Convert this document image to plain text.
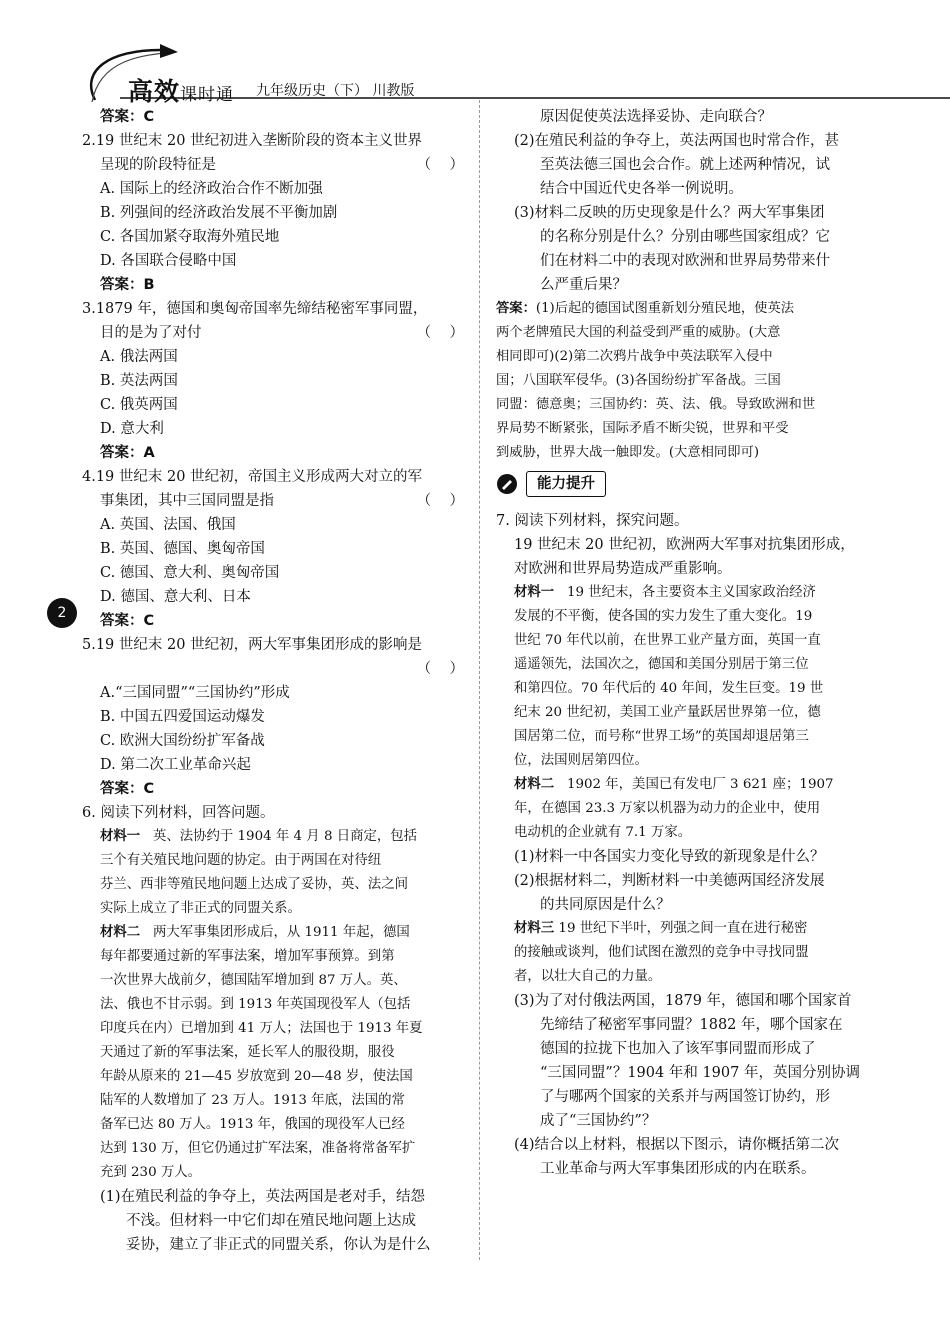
高效课时通 九年级历史（下） 川教版
2
答案：C
2.19 世纪末 20 世纪初进入垄断阶段的资本主义世界
呈现的阶段特征是	（    ）
A. 国际上的经济政治合作不断加强
B. 列强间的经济政治发展不平衡加剧
C. 各国加紧夺取海外殖民地
D. 各国联合侵略中国
答案：B
3.1879 年，德国和奥匈帝国率先缔结秘密军事同盟，
目的是为了对付	（    ）
A. 俄法两国
B. 英法两国
C. 俄英两国
D. 意大利
答案：A
4.19 世纪末 20 世纪初，帝国主义形成两大对立的军
事集团，其中三国同盟是指	（    ）
A. 英国、法国、俄国
B. 英国、德国、奥匈帝国
C. 德国、意大利、奥匈帝国
D. 德国、意大利、日本
答案：C
5.19 世纪末 20 世纪初，两大军事集团形成的影响是
（    ）
A.“三国同盟”“三国协约”形成
B. 中国五四爱国运动爆发
C. 欧洲大国纷纷扩军备战
D. 第二次工业革命兴起
答案：C
6. 阅读下列材料，回答问题。
材料一   英、法协约于 1904 年 4 月 8 日商定，包括
三个有关殖民地问题的协定。由于两国在对待纽
芬兰、西非等殖民地问题上达成了妥协，英、法之间
实际上成立了非正式的同盟关系。
材料二   两大军事集团形成后，从 1911 年起，德国
每年都要通过新的军事法案，增加军事预算。到第
一次世界大战前夕，德国陆军增加到 87 万人。英、
法、俄也不甘示弱。到 1913 年英国现役军人（包括
印度兵在内）已增加到 41 万人；法国也于 1913 年夏
天通过了新的军事法案，延长军人的服役期，服役
年龄从原来的 21—45 岁放宽到 20—48 岁，使法国
陆军的人数增加了 23 万人。1913 年底，法国的常
备军已达 80 万人。1913 年，俄国的现役军人已经
达到 130 万，但它仍通过扩军法案，准备将常备军扩
充到 230 万人。
(1)在殖民利益的争夺上，英法两国是老对手，结怨
不浅。但材料一中它们却在殖民地问题上达成
妥协，建立了非正式的同盟关系，你认为是什么
原因促使英法选择妥协、走向联合？
(2)在殖民利益的争夺上，英法两国也时常合作，甚
至英法德三国也会合作。就上述两种情况，试
结合中国近代史各举一例说明。
(3)材料二反映的历史现象是什么？两大军事集团
的名称分别是什么？分别由哪些国家组成？它
们在材料二中的表现对欧洲和世界局势带来什
么严重后果？
答案：(1)后起的德国试图重新划分殖民地，使英法
两个老牌殖民大国的利益受到严重的威胁。(大意
相同即可)(2)第二次鸦片战争中英法联军入侵中
国；八国联军侵华。(3)各国纷纷扩军备战。三国
同盟：德意奥；三国协约：英、法、俄。导致欧洲和世
界局势不断紧张，国际矛盾不断尖锐，世界和平受
到威胁，世界大战一触即发。(大意相同即可)
能力提升
7. 阅读下列材料，探究问题。
19 世纪末 20 世纪初，欧洲两大军事对抗集团形成，
对欧洲和世界局势造成严重影响。
材料一   19 世纪末，各主要资本主义国家政治经济
发展的不平衡，使各国的实力发生了重大变化。19
世纪 70 年代以前，在世界工业产量方面，英国一直
遥遥领先，法国次之，德国和美国分别居于第三位
和第四位。70 年代后的 40 年间，发生巨变。19 世
纪末 20 世纪初，美国工业产量跃居世界第一位，德
国居第二位，而号称“世界工场”的英国却退居第三
位，法国则居第四位。
材料二   1902 年，美国已有发电厂 3 621 座；1907
年，在德国 23.3 万家以机器为动力的企业中，使用
电动机的企业就有 7.1 万家。
(1)材料一中各国实力变化导致的新现象是什么？
(2)根据材料二，判断材料一中美德两国经济发展
的共同原因是什么？
材料三 19 世纪下半叶，列强之间一直在进行秘密
的接触或谈判，他们试图在激烈的竞争中寻找同盟
者，以壮大自己的力量。
(3)为了对付俄法两国，1879 年，德国和哪个国家首
先缔结了秘密军事同盟？1882 年，哪个国家在
德国的拉拢下也加入了该军事同盟而形成了
“三国同盟”？1904 年和 1907 年，英国分别协调
了与哪两个国家的关系并与两国签订协约，形
成了“三国协约”？
(4)结合以上材料，根据以下图示，请你概括第二次
工业革命与两大军事集团形成的内在联系。
